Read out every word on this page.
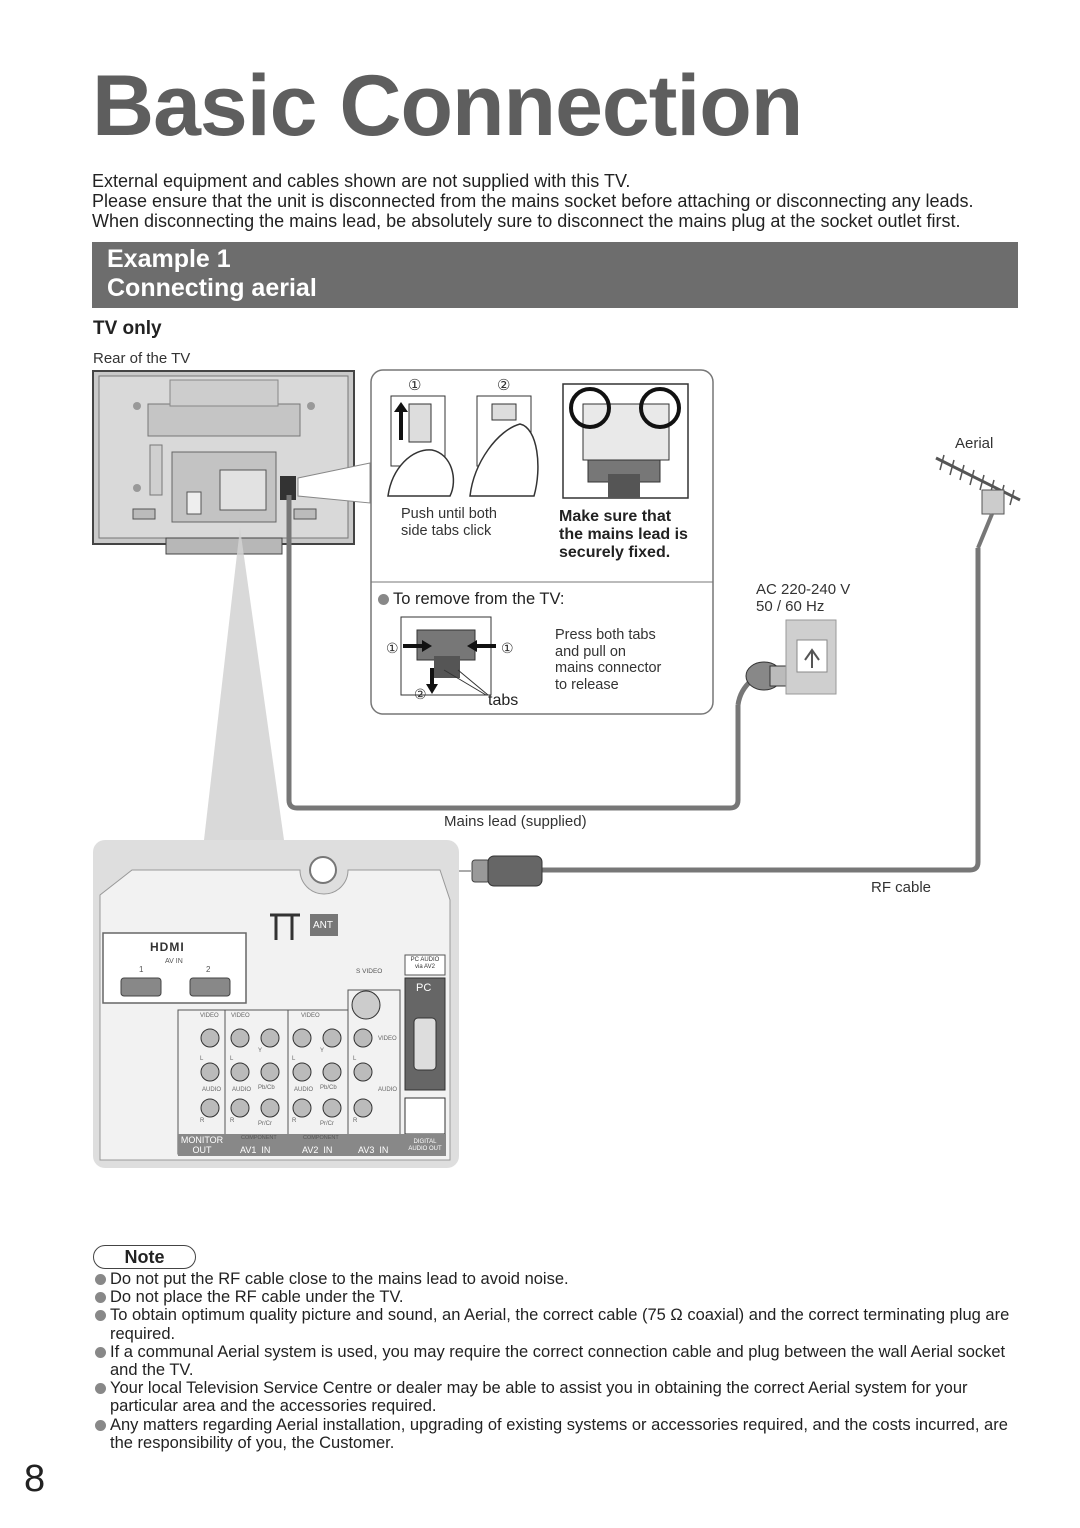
Basic Connection
External equipment and cables shown are not supplied with this TV.
Please ensure that the unit is disconnected from the mains socket before attaching or disconnecting any leads.
When disconnecting the mains lead, be absolutely sure to disconnect the mains plug at the socket outlet first.
Example 1
Connecting aerial
TV only
Rear of the TV
①	②
Push until both
side tabs click
Make sure that
the mains lead is
securely fixed.
To remove from the TV:
①	①
②	tabs
Press both tabs
and pull on
mains connector
to release
Aerial
AC 220-240 V
50 / 60 Hz
Mains lead (supplied)
RF cable
HDMI
AV IN
1	2
ANT
S VIDEO
PC AUDIO
via AV2
PC
VIDEO VIDEO	VIDEO
VIDEO
Y	Y
L	L	L	L
AUDIO AUDIO	AUDIO	AUDIO
Pb/Cb	Pb/Cb
R	R	R	R
Pr/Cr	Pr/Cr
COMPONENT	COMPONENT
MONITOR
OUT	AV1  IN	AV2  IN	AV3  IN
DIGITAL
AUDIO OUT
Note
Do not put the RF cable close to the mains lead to avoid noise.
Do not place the RF cable under the TV.
To obtain optimum quality picture and sound, an Aerial, the correct cable (75 Ω coaxial) and the correct terminating plug are required.
If a communal Aerial system is used, you may require the correct connection cable and plug between the wall Aerial socket and the TV.
Your local Television Service Centre or dealer may be able to assist you in obtaining the correct Aerial system for your particular area and the accessories required.
Any matters regarding Aerial installation, upgrading of existing systems or accessories required, and the costs incurred, are the responsibility of you, the Customer.
8
